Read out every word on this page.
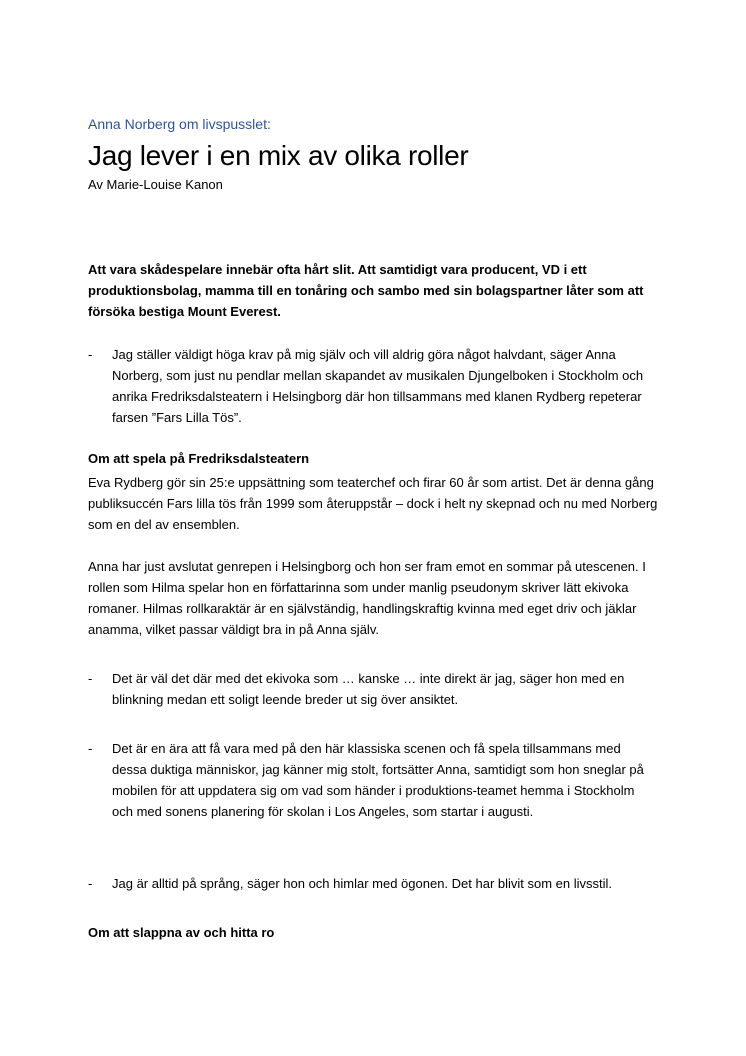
Anna Norberg om livspusslet:
Jag lever i en mix av olika roller
Av Marie-Louise Kanon

Att vara skådespelare innebär ofta hårt slit. Att samtidigt vara producent, VD i ett produktionsbolag, mamma till en tonåring och sambo med sin bolagspartner låter som att försöka bestiga Mount Everest.

- Jag ställer väldigt höga krav på mig själv och vill aldrig göra något halvdant, säger Anna Norberg, som just nu pendlar mellan skapandet av musikalen Djungelboken i Stockholm och anrika Fredriksdalsteatern i Helsingborg där hon tillsammans med klanen Rydberg repeterar farsen ”Fars Lilla Tös”.
Om att spela på Fredriksdalsteatern

Eva Rydberg gör sin 25:e uppsättning som teaterchef och firar 60 år som artist. Det är denna gång publiksuccén Fars lilla tös från 1999 som återuppstår – dock i helt ny skepnad och nu med Norberg som en del av ensemblen.

Anna har just avslutat genrepen i Helsingborg och hon ser fram emot en sommar på utescenen. I rollen som Hilma spelar hon en författarinna som under manlig pseudonym skriver lätt ekivoka romaner. Hilmas rollkaraktär är en självständig, handlingskraftig kvinna med eget driv och jäklar anamma, vilket passar väldigt bra in på Anna själv.

- Det är väl det där med det ekivoka som … kanske … inte direkt är jag, säger hon med en blinkning medan ett soligt leende breder ut sig över ansiktet.
- Det är en ära att få vara med på den här klassiska scenen och få spela tillsammans med dessa duktiga människor, jag känner mig stolt, fortsätter Anna, samtidigt som hon sneglar på mobilen för att uppdatera sig om vad som händer i produktions-teamet hemma i Stockholm och med sonens planering för skolan i Los Angeles, som startar i augusti.
- Jag är alltid på språng, säger hon och himlar med ögonen. Det har blivit som en livsstil.
Om att slappna av och hitta ro
